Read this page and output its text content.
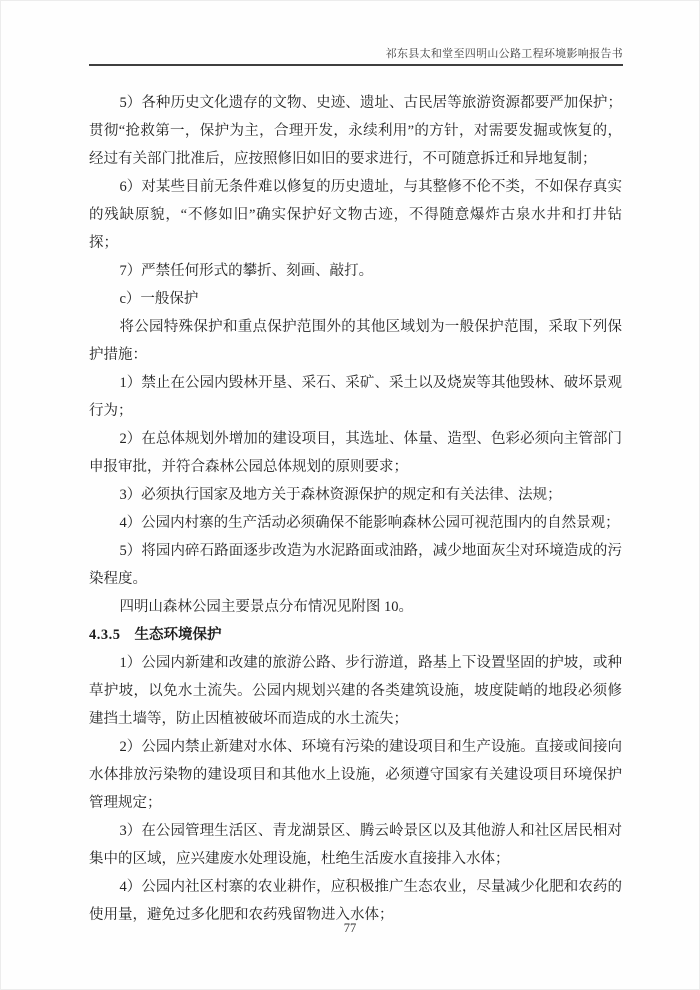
祁东县太和堂至四明山公路工程环境影响报告书

5）各种历史文化遗存的文物、史迹、遗址、古民居等旅游资源都要严加保护；贯彻“抢救第一，保护为主，合理开发，永续利用”的方针，对需要发掘或恢复的，经过有关部门批准后，应按照修旧如旧的要求进行，不可随意拆迁和异地复制；

6）对某些目前无条件难以修复的历史遗址，与其整修不伦不类，不如保存真实的残缺原貌，“不修如旧”确实保护好文物古迹，不得随意爆炸古泉水井和打井钻探；

7）严禁任何形式的攀折、刻画、敲打。

c）一般保护

将公园特殊保护和重点保护范围外的其他区域划为一般保护范围，采取下列保护措施：

1）禁止在公园内毁林开垦、采石、采矿、采土以及烧炭等其他毁林、破坏景观行为；

2）在总体规划外增加的建设项目，其选址、体量、造型、色彩必须向主管部门申报审批，并符合森林公园总体规划的原则要求；

3）必须执行国家及地方关于森林资源保护的规定和有关法律、法规；

4）公园内村寨的生产活动必须确保不能影响森林公园可视范围内的自然景观；

5）将园内碎石路面逐步改造为水泥路面或油路，减少地面灰尘对环境造成的污染程度。

四明山森林公园主要景点分布情况见附图 10。

4.3.5 生态环境保护

1）公园内新建和改建的旅游公路、步行游道，路基上下设置坚固的护坡，或种草护坡，以免水土流失。公园内规划兴建的各类建筑设施，坡度陡峭的地段必须修建挡土墙等，防止因植被破坏而造成的水土流失；

2）公园内禁止新建对水体、环境有污染的建设项目和生产设施。直接或间接向水体排放污染物的建设项目和其他水上设施，必须遵守国家有关建设项目环境保护管理规定；

3）在公园管理生活区、青龙湖景区、腾云岭景区以及其他游人和社区居民相对集中的区域，应兴建废水处理设施，杜绝生活废水直接排入水体；

4）公园内社区村寨的农业耕作，应积极推广生态农业，尽量减少化肥和农药的使用量，避免过多化肥和农药残留物进入水体；

77
